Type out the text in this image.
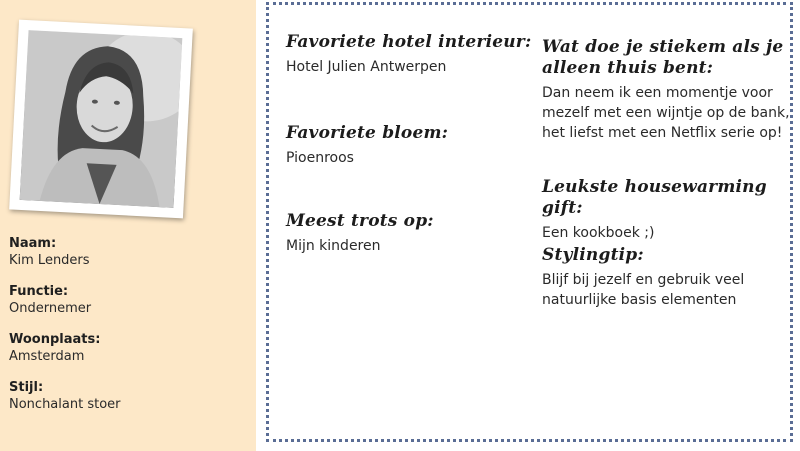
Naam:
Kim Lenders
Functie:
Ondernemer
Woonplaats:
Amsterdam
Stijl:
Nonchalant stoer
Favoriete hotel interieur:
Hotel Julien Antwerpen
Favoriete bloem:
Pioenroos
Meest trots op:
Mijn kinderen
Wat doe je stiekem als je
alleen thuis bent:
Dan neem ik een momentje voor
mezelf met een wijntje op de bank,
het liefst met een Netflix serie op!
Leukste housewarming gift:
Een kookboek ;)
Stylingtip:
Blijf bij jezelf en gebruik veel
natuurlijke basis elementen
